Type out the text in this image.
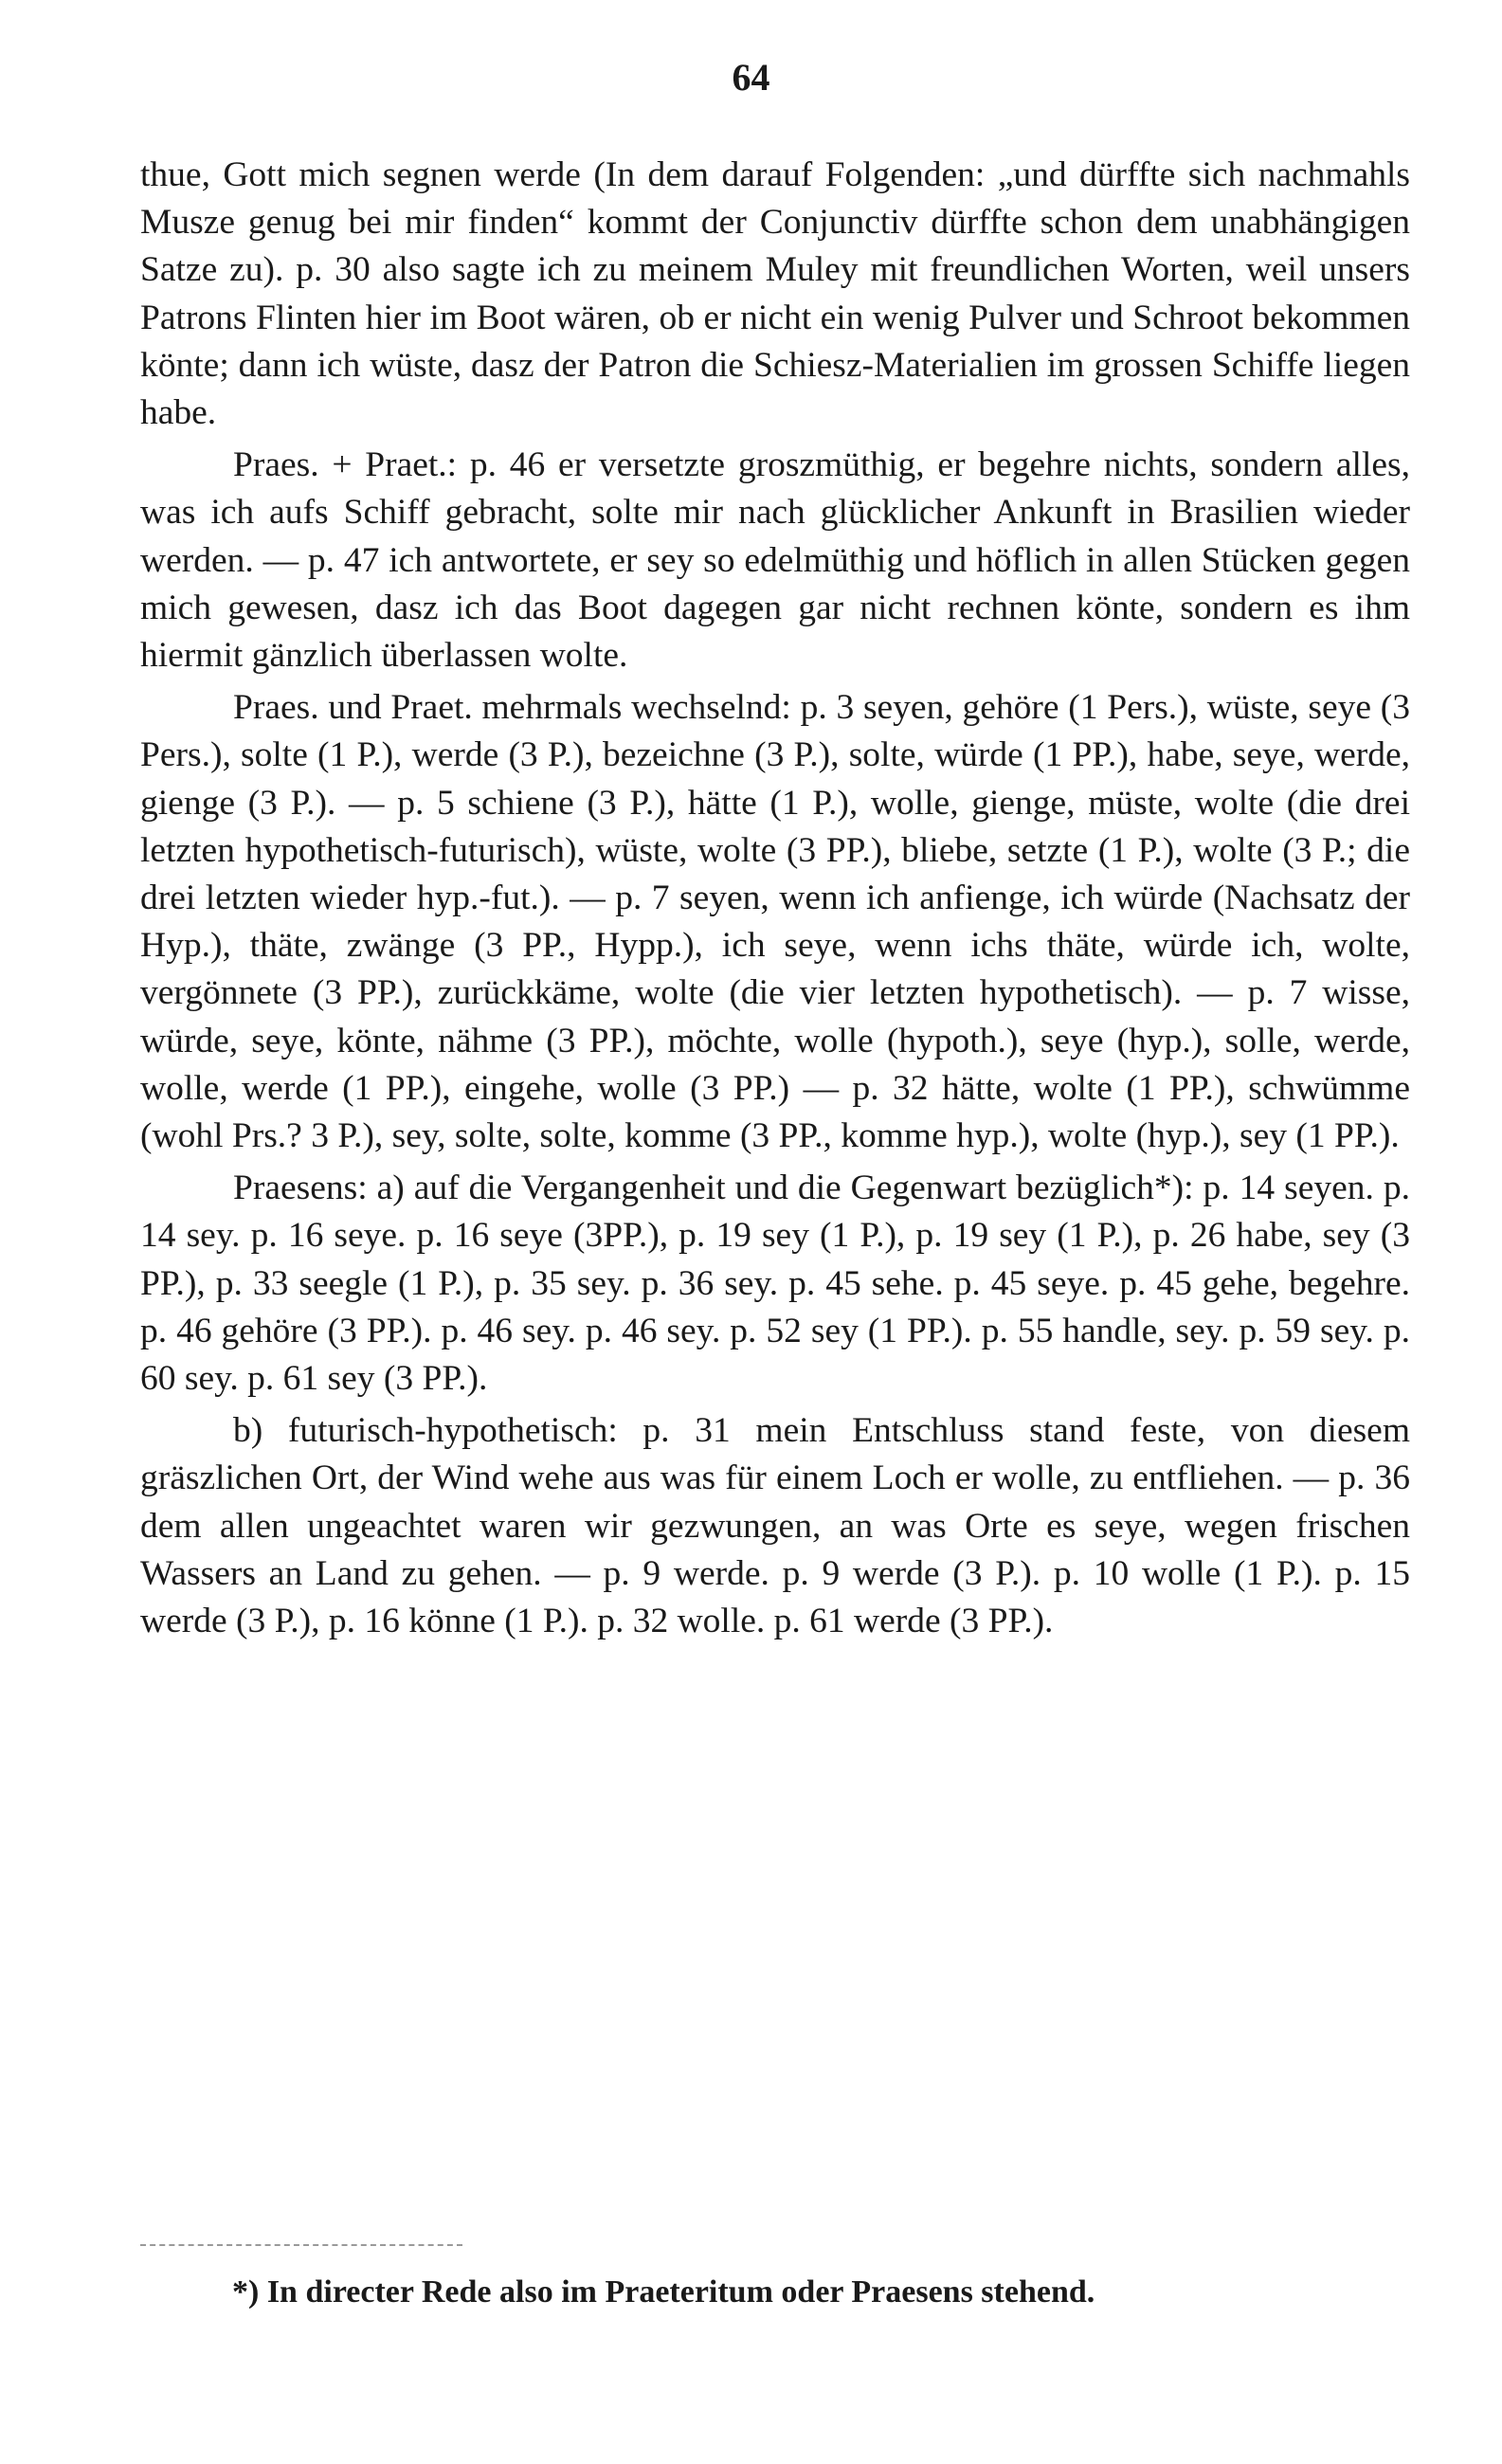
64

thue, Gott mich segnen werde (In dem darauf Folgenden: „und dürffte sich nachmahls Musze genug bei mir finden“ kommt der Conjunctiv dürffte schon dem unabhängigen Satze zu). p. 30 also sagte ich zu meinem Muley mit freundlichen Worten, weil unsers Patrons Flinten hier im Boot wären, ob er nicht ein wenig Pulver und Schroot bekommen könte; dann ich wüste, dasz der Patron die Schiesz-Materialien im grossen Schiffe liegen habe.

Praes. + Praet.: p. 46 er versetzte groszmüthig, er begehre nichts, sondern alles, was ich aufs Schiff gebracht, solte mir nach glücklicher Ankunft in Brasilien wieder werden. — p. 47 ich antwortete, er sey so edelmüthig und höflich in allen Stücken gegen mich gewesen, dasz ich das Boot dagegen gar nicht rechnen könte, sondern es ihm hiermit gänzlich überlassen wolte.

Praes. und Praet. mehrmals wechselnd: p. 3 seyen, gehöre (1 Pers.), wüste, seye (3 Pers.), solte (1 P.), werde (3 P.), bezeichne (3 P.), solte, würde (1 PP.), habe, seye, werde, gienge (3 P.). — p. 5 schiene (3 P.), hätte (1 P.), wolle, gienge, müste, wolte (die drei letzten hypothetisch-futurisch), wüste, wolte (3 PP.), bliebe, setzte (1 P.), wolte (3 P.; die drei letzten wieder hyp.-fut.). — p. 7 seyen, wenn ich anfienge, ich würde (Nachsatz der Hyp.), thäte, zwänge (3 PP., Hypp.), ich seye, wenn ichs thäte, würde ich, wolte, vergönnete (3 PP.), zurückkäme, wolte (die vier letzten hypothetisch). — p. 7 wisse, würde, seye, könte, nähme (3 PP.), möchte, wolle (hypoth.), seye (hyp.), solle, werde, wolle, werde (1 PP.), eingehe, wolle (3 PP.) — p. 32 hätte, wolte (1 PP.), schwümme (wohl Prs.? 3 P.), sey, solte, solte, komme (3 PP., komme hyp.), wolte (hyp.), sey (1 PP.).

Praesens: a) auf die Vergangenheit und die Gegenwart bezüglich*): p. 14 seyen. p. 14 sey. p. 16 seye. p. 16 seye (3PP.), p. 19 sey (1 P.), p. 19 sey (1 P.), p. 26 habe, sey (3 PP.), p. 33 seegle (1 P.), p. 35 sey. p. 36 sey. p. 45 sehe. p. 45 seye. p. 45 gehe, begehre. p. 46 gehöre (3 PP.). p. 46 sey. p. 46 sey. p. 52 sey (1 PP.). p. 55 handle, sey. p. 59 sey. p. 60 sey. p. 61 sey (3 PP.).

b) futurisch-hypothetisch: p. 31 mein Entschluss stand feste, von diesem gräszlichen Ort, der Wind wehe aus was für einem Loch er wolle, zu entfliehen. — p. 36 dem allen ungeachtet waren wir gezwungen, an was Orte es seye, wegen frischen Wassers an Land zu gehen. — p. 9 werde. p. 9 werde (3 P.). p. 10 wolle (1 P.). p. 15 werde (3 P.), p. 16 könne (1 P.). p. 32 wolle. p. 61 werde (3 PP.).

*) In directer Rede also im Praeteritum oder Praesens stehend.
